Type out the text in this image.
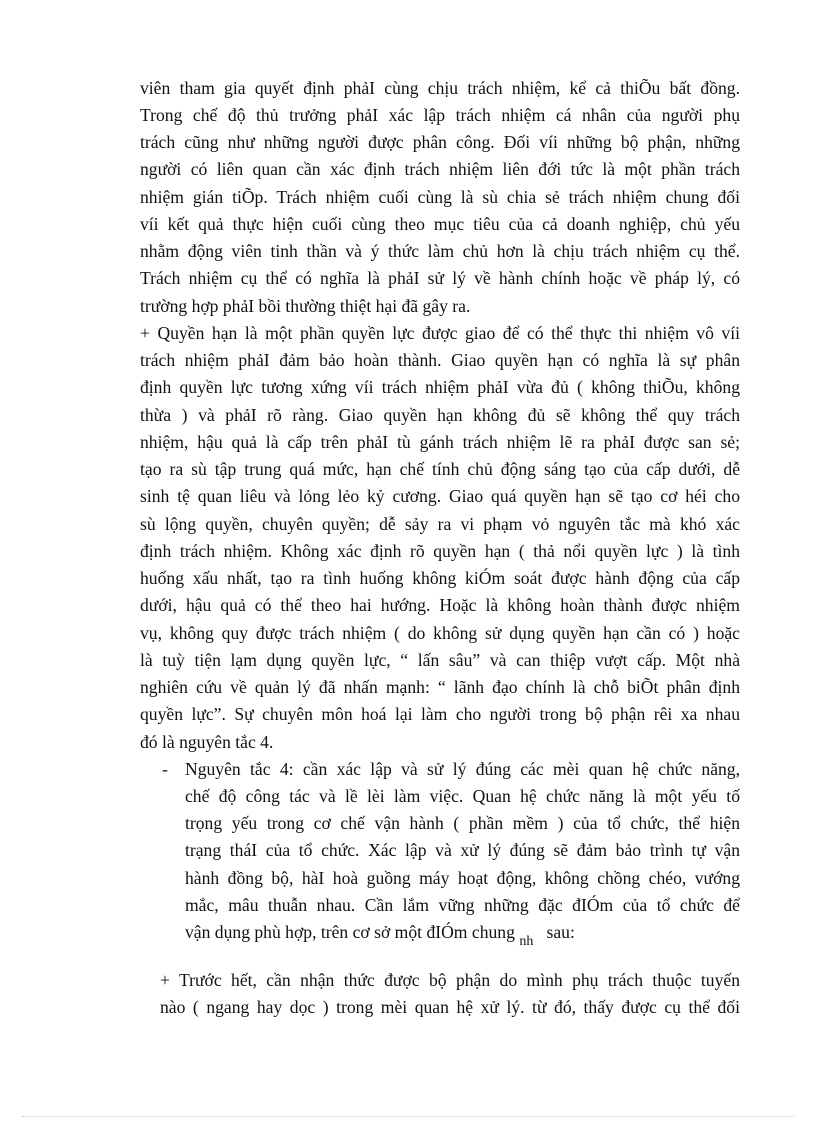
viên tham gia quyết định phảI cùng chịu trách nhiệm, kể cả thiÕu bất đồng.
Trong chế độ thủ trưởng phảI xác lập trách nhiệm cá nhân của người phụ
trách cũng như những người được phân công. Đối víi những bộ phận, những
người có liên quan cần xác định trách nhiệm liên đới tức là một phần trách
nhiệm gián tiÕp. Trách nhiệm cuối cùng là sù chia sẻ trách nhiệm chung đối
víi kết quả thực hiện cuối cùng theo mục tiêu của cả doanh nghiệp, chủ yếu
nhằm động viên tinh thần và ý thức làm chủ hơn là chịu trách nhiệm cụ thể.
Trách nhiệm cụ thể có nghĩa là phảI sử lý về hành chính hoặc về pháp lý, có
trường hợp phảI bồi thường thiệt hại đã gây ra.
+ Quyền hạn là một phần quyền lực được giao để có thể thực thi nhiệm vô víi
trách nhiệm phảI đảm bảo hoàn thành. Giao quyền hạn có nghĩa là sự phân
định quyền lực tương xứng víi trách nhiệm phảI vừa đủ ( không thiÕu, không
thừa ) và phảI rõ ràng. Giao quyền hạn không đủ sẽ không thể quy trách
nhiệm, hậu quả là cấp trên phảI tù gánh trách nhiệm lẽ ra phảI được san sẻ;
tạo ra sù tập trung quá mức, hạn chế tính chủ động sáng tạo của cấp dưới, dễ
sinh tệ quan liêu và lỏng lẻo kỷ cương. Giao quá quyền hạn sẽ tạo cơ héi cho
sù lộng quyền, chuyên quyền; dễ sảy ra vi phạm vỏ nguyên tắc mà khó xác
định trách nhiệm. Không xác định rõ quyền hạn ( thả nổi quyền lực ) là tình
huống xấu nhất, tạo ra tình huống không kiÓm soát được hành động của cấp
dưới, hậu quả có thể theo hai hướng. Hoặc là không hoàn thành được nhiệm
vụ, không quy được trách nhiệm ( do không sử dụng quyền hạn cần có ) hoặc
là tuỳ tiện lạm dụng quyền lực, “ lấn sâu” và can thiệp vượt cấp. Một nhà
nghiên cứu về quản lý đã nhấn mạnh: “ lãnh đạo chính là chỗ biÕt phân định
quyền lực”. Sự chuyên môn hoá lại làm cho người trong bộ phận rêi xa nhau
đó là nguyên tắc 4.
- Nguyên tắc 4: cần xác lập và sử lý đúng các mèi quan hệ chức năng,
chế độ công tác và lề lèi làm việc. Quan hệ chức năng là một yếu tố
trọng yếu trong cơ chế vận hành ( phần mềm ) của tổ chức, thể hiện
trạng tháI của tổ chức. Xác lập và xử lý đúng sẽ đảm bảo trình tự vận
hành đồng bộ, hàI hoà guồng máy hoạt động, không chồng chéo, vướng
mắc, mâu thuẫn nhau. Cần lắm vững những đặc đIÓm của tổ chức để
vận dụng phù hợp, trên cơ sở một đIÓm chung $_{nh}$ sau:
+ Trước hết, cần nhận thức được bộ phận do mình phụ trách thuộc tuyến
nào ( ngang hay dọc ) trong mèi quan hệ xử lý. từ đó, thấy được cụ thể đối
